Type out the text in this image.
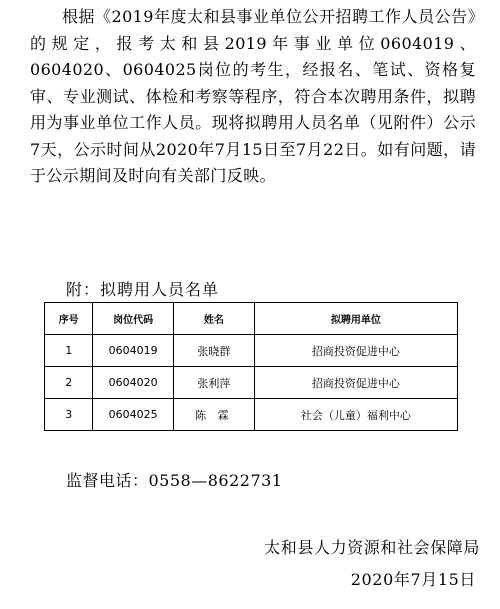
根据《2019年度太和县事业单位公开招聘工作人员公告》的规定，报考太和县2019年事业单位0604019、0604020、0604025岗位的考生，经报名、笔试、资格复审、专业测试、体检和考察等程序，符合本次聘用条件，拟聘用为事业单位工作人员。现将拟聘用人员名单（见附件）公示7天，公示时间从2020年7月15日至7月22日。如有问题，请于公示期间及时向有关部门反映。

附：拟聘用人员名单
序号	岗位代码	姓名	拟聘用单位
1	0604019	张晓群	招商投资促进中心
2	0604020	张利萍	招商投资促进中心
3	0604025	陈 霖	社会（儿童）福利中心
监督电话：0558—8622731
太和县人力资源和社会保障局
2020年7月15日
